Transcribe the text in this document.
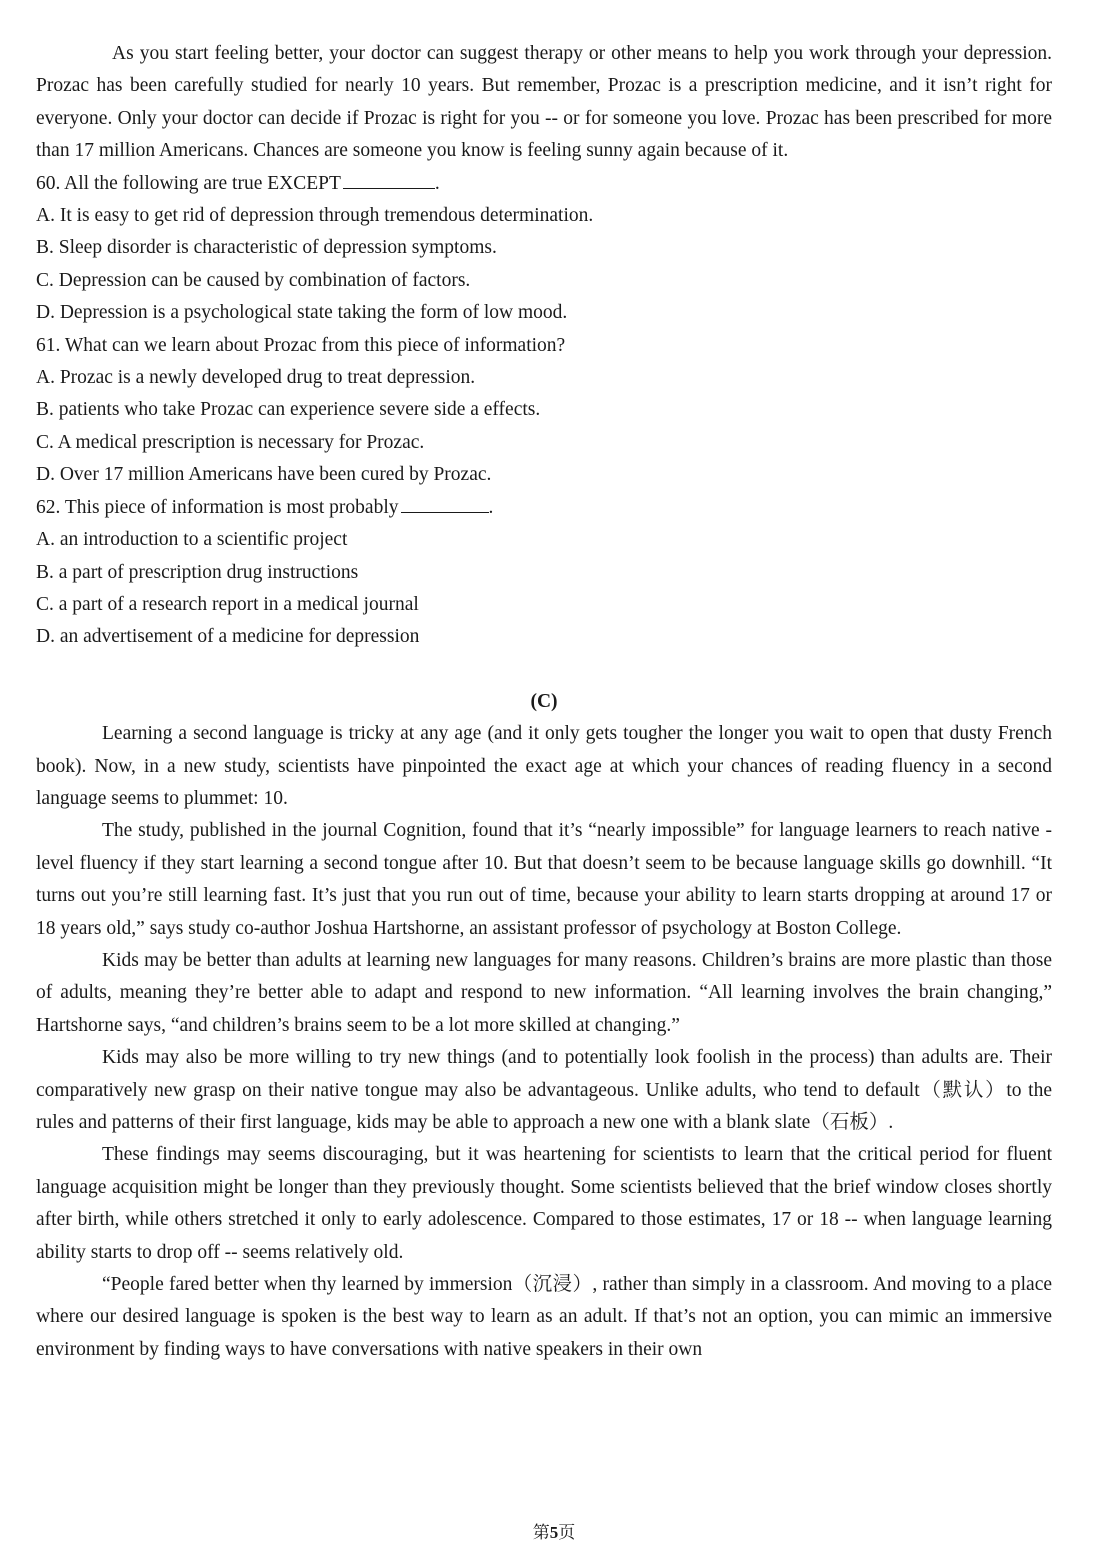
As you start feeling better, your doctor can suggest therapy or other means to help you work through your depression. Prozac has been carefully studied for nearly 10 years. But remember, Prozac is a prescription medicine, and it isn’t right for everyone. Only your doctor can decide if Prozac is right for you -- or for someone you love. Prozac has been prescribed for more than 17 million Americans. Chances are someone you know is feeling sunny again because of it.

60. All the following are true EXCEPT	.

A. It is easy to get rid of depression through tremendous determination.

B. Sleep disorder is characteristic of depression symptoms.

C. Depression can be caused by combination of factors.

D. Depression is a psychological state taking the form of low mood.

61. What can we learn about Prozac from this piece of information?

A. Prozac is a newly developed drug to treat depression.

B. patients who take Prozac can experience severe side a effects.

C. A medical prescription is necessary for Prozac.

D. Over 17 million Americans have been cured by Prozac.

62. This piece of information is most probably	.

A. an introduction to a scientific project

B. a part of prescription drug instructions

C. a part of a research report in a medical journal

D. an advertisement of a medicine for depression

(C)

Learning a second language is tricky at any age (and it only gets tougher the longer you wait to open that dusty French book). Now, in a new study, scientists have pinpointed the exact age at which your chances of reading fluency in a second language seems to plummet: 10.

The study, published in the journal Cognition, found that it’s “nearly impossible” for language learners to reach native - level fluency if they start learning a second tongue after 10. But that doesn’t seem to be because language skills go downhill. “It turns out you’re still learning fast. It’s just that you run out of time, because your ability to learn starts dropping at around 17 or 18 years old,” says study co-author Joshua Hartshorne, an assistant professor of psychology at Boston College.

Kids may be better than adults at learning new languages for many reasons. Children’s brains are more plastic than those of adults, meaning they’re better able to adapt and respond to new information. “All learning involves the brain changing,” Hartshorne says, “and children’s brains seem to be a lot more skilled at changing.”

Kids may also be more willing to try new things (and to potentially look foolish in the process) than adults are. Their comparatively new grasp on their native tongue may also be advantageous. Unlike adults, who tend to default（默认）to the rules and patterns of their first language, kids may be able to approach a new one with a blank slate（石板）.

These findings may seems discouraging, but it was heartening for scientists to learn that the critical period for fluent language acquisition might be longer than they previously thought. Some scientists believed that the brief window closes shortly after birth, while others stretched it only to early adolescence. Compared to those estimates, 17 or 18 -- when language learning ability starts to drop off -- seems relatively old.

“People fared better when thy learned by immersion（沉浸）, rather than simply in a classroom. And moving to a place where our desired language is spoken is the best way to learn as an adult. If that’s not an option, you can mimic an immersive environment by finding ways to have conversations with native speakers in their own

第5页
